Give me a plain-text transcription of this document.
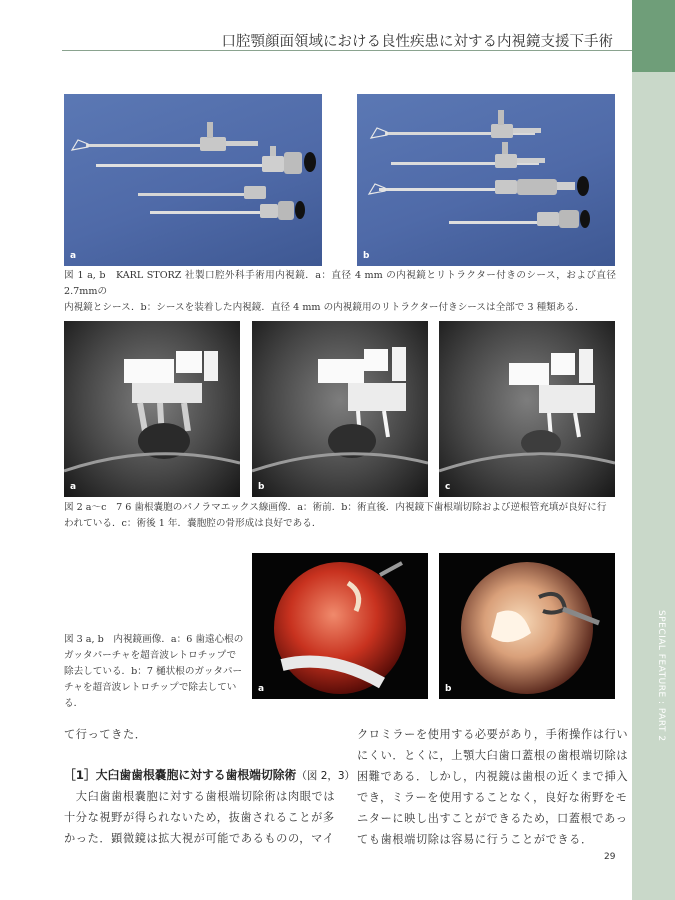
SPECIAL FEATURE : PART 2
口腔顎顔面領域における良性疾患に対する内視鏡支援下手術
a	b
図 1 a, b　KARL STORZ 社製口腔外科手術用内視鏡．a：直径 4 mm の内視鏡とリトラクター付きのシース，および直径2.7mmの
内視鏡とシース．b：シースを装着した内視鏡．直径 4 mm の内視鏡用のリトラクター付きシースは全部で 3 種類ある．
a	b	c
図 2 a～c　7 6 歯根嚢胞のパノラマエックス線画像．a：術前．b：術直後．内視鏡下歯根端切除および逆根管充填が良好に行
われている．c：術後 1 年．嚢胞腔の骨形成は良好である．
図 3 a, b　内視鏡画像．a：6 歯遠心根の
ガッタパーチャを超音波レトロチップで
除去している．b：7 樋状根のガッタパー
チャを超音波レトロチップで除去してい
る．
a	b
て行ってきた．
［1］大臼歯歯根嚢胞に対する歯根端切除術（図 2，3）
　大臼歯歯根嚢胞に対する歯根端切除術は肉眼では
十分な視野が得られないため，抜歯されることが多
かった．顕微鏡は拡大視が可能であるものの，マイ
クロミラーを使用する必要があり，手術操作は行い
にくい．とくに，上顎大臼歯口蓋根の歯根端切除は
困難である．しかし，内視鏡は歯根の近くまで挿入
でき，ミラーを使用することなく，良好な術野をモ
ニターに映し出すことができるため，口蓋根であっ
ても歯根端切除は容易に行うことができる．
29
